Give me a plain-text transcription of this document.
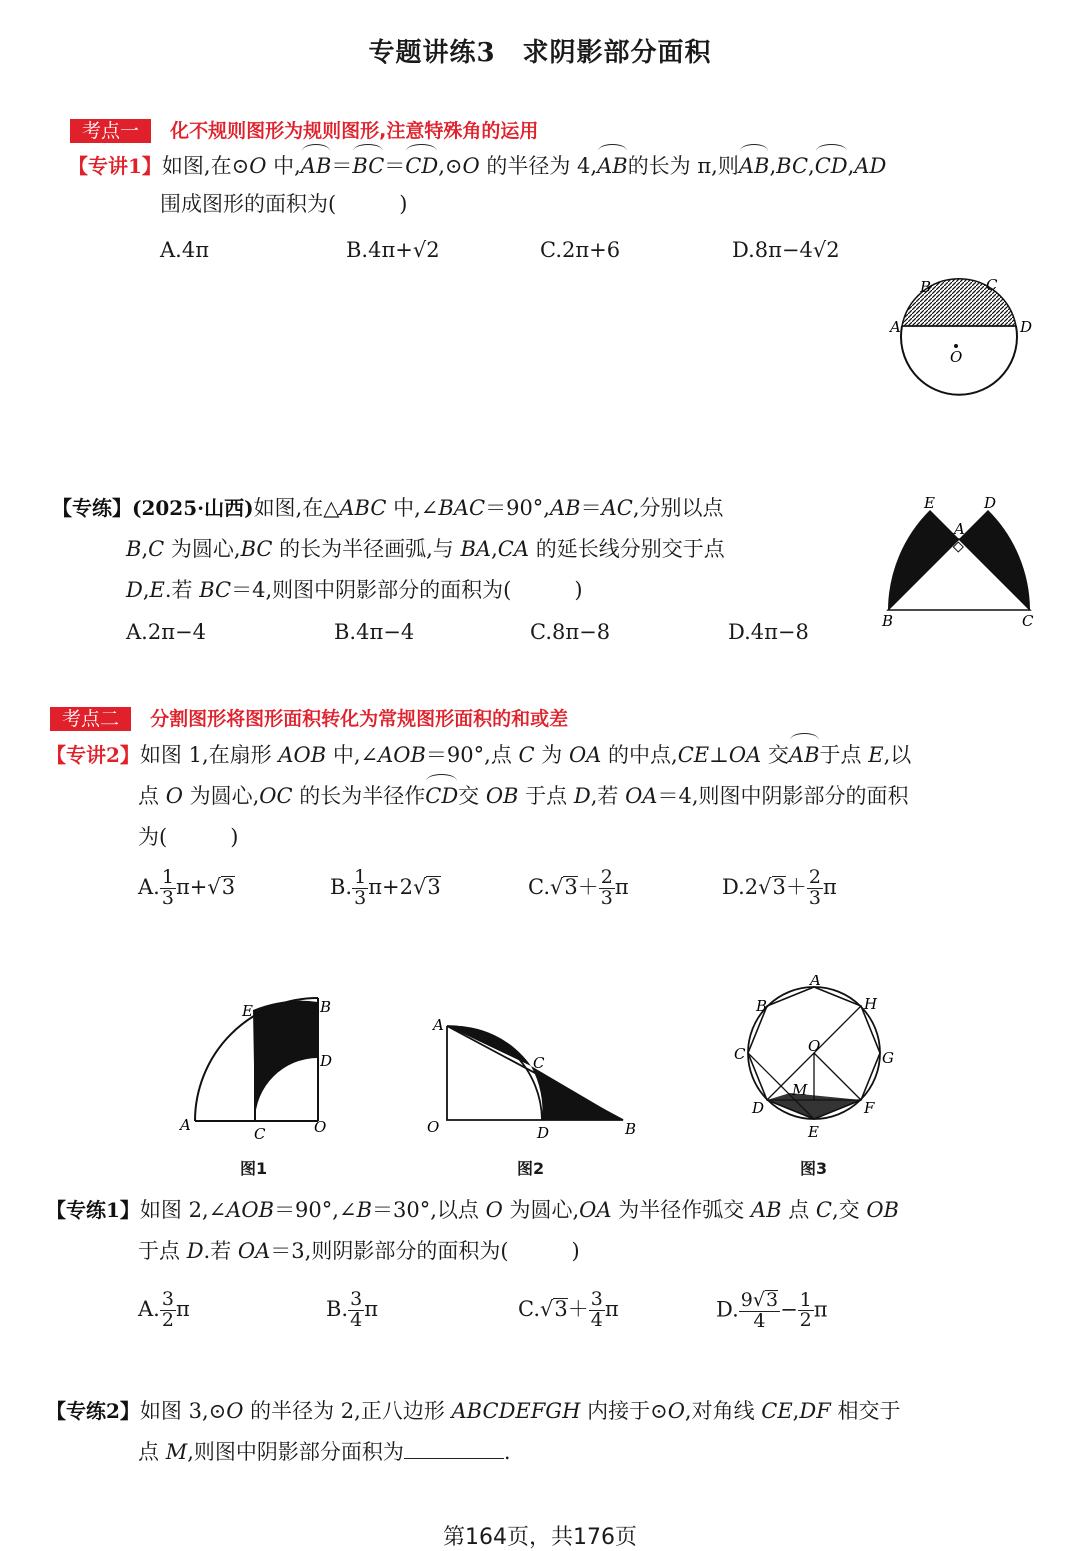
专题讲练3　求阴影部分面积
考点一 化不规则图形为规则图形,注意特殊角的运用
【专讲1】如图,在⊙O 中,AB＝BC＝CD,⊙O 的半径为 4,AB的长为 π,则AB,BC,CD,AD
围成图形的面积为(　　　)
A.4π	B.4π+√2	C.2π+6	D.8π−4√2
A
B	C
D
O
【专练】(2025·山西)如图,在△ABC 中,∠BAC＝90°,AB＝AC,分别以点
B,C 为圆心,BC 的长为半径画弧,与 BA,CA 的延长线分别交于点
D,E.若 BC＝4,则图中阴影部分的面积为(　　　)
A.2π−4	B.4π−4	C.8π−8	D.4π−8
E	D
A
B	C
考点二 分割图形将图形面积转化为常规图形面积的和或差
【专讲2】如图 1,在扇形 AOB 中,∠AOB＝90°,点 C 为 OA 的中点,CE⊥OA 交AB于点 E,以
点 O 为圆心,OC 的长为半径作CD交 OB 于点 D,若 OA＝4,则图中阴影部分的面积
为(　　　)
A. $\frac{1}{3} \pi+√3$	B. $\frac{1}{3} \pi+2√3$	$C.√3+ \frac{2}{3}$ π	$D.2√3+ \frac{2}{3}$ π
A	C	O
D
B
E
图1
A
O	D	B
C
图2
A
B
C
D
E
F
G
H
O
M
图3
【专练1】如图 2,∠AOB＝90°,∠B＝30°,以点 O 为圆心,OA 为半径作弧交 AB 点 C,交 OB
于点 D.若 OA＝3,则阴影部分的面积为(　　　)
A. $\frac{3}{2}$ π	B. $\frac{3}{4}$ π	$C.√3+ \frac{3}{4}$ π	D. $\frac{9√3}{4} - \frac{1}{2}$ π
【专练2】如图 3,⊙O 的半径为 2,正八边形 ABCDEFGH 内接于⊙O,对角线 CE,DF 相交于
点 M,则图中阴影部分面积为	.
第164页，共176页
